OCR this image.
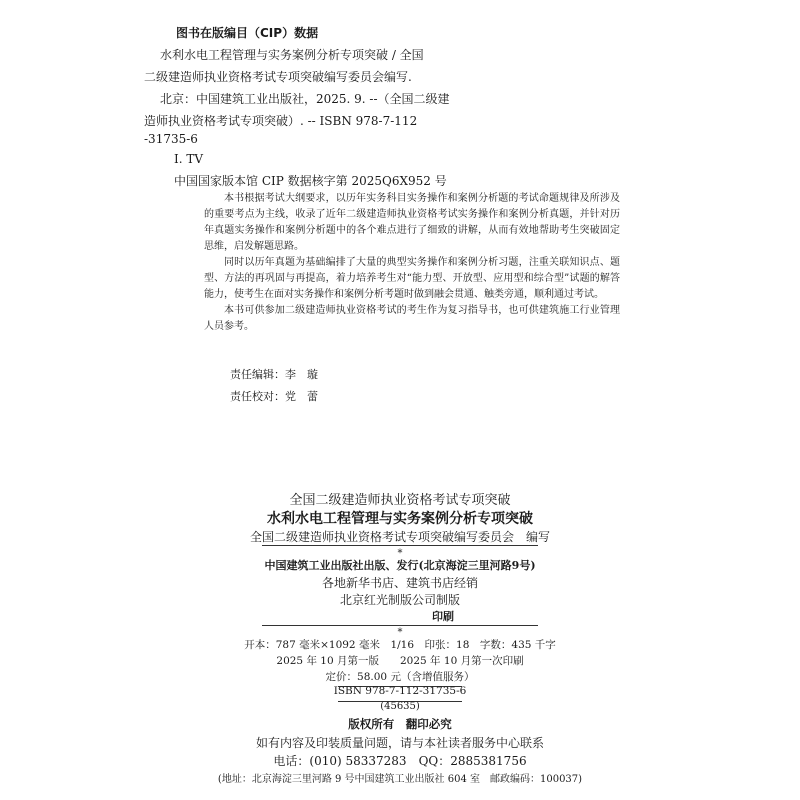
图书在版编目（CIP）数据
水利水电工程管理与实务案例分析专项突破 / 全国
二级建造师执业资格考试专项突破编写委员会编写.
北京：中国建筑工业出版社，2025. 9. --（全国二级建
造师执业资格考试专项突破）. -- ISBN 978-7-112
-31735-6
Ⅰ. TV
中国国家版本馆 CIP 数据核字第 2025Q6X952 号

本书根据考试大纲要求，以历年实务科目实务操作和案例分析题的考试命题规律及所涉及的重要考点为主线，收录了近年二级建造师执业资格考试实务操作和案例分析真题，并针对历年真题实务操作和案例分析题中的各个难点进行了细致的讲解，从而有效地帮助考生突破固定思维，启发解题思路。

同时以历年真题为基础编排了大量的典型实务操作和案例分析习题，注重关联知识点、题型、方法的再巩固与再提高，着力培养考生对“能力型、开放型、应用型和综合型”试题的解答能力，使考生在面对实务操作和案例分析考题时做到融会贯通、触类旁通，顺利通过考试。

本书可供参加二级建造师执业资格考试的考生作为复习指导书，也可供建筑施工行业管理人员参考。

责任编辑：李　璇
责任校对：党　蕾
全国二级建造师执业资格考试专项突破
水利水电工程管理与实务案例分析专项突破
全国二级建造师执业资格考试专项突破编写委员会　编写
*
中国建筑工业出版社出版、发行(北京海淀三里河路9号)
各地新华书店、建筑书店经销
北京红光制版公司制版
印刷
*
开本：787 毫米×1092 毫米　1/16　印张：18　字数：435 千字
2025 年 10 月第一版　　2025 年 10 月第一次印刷
定价：58.00 元（含增值服务）
ISBN 978-7-112-31735-6
(45635)
版权所有　翻印必究
如有内容及印装质量问题，请与本社读者服务中心联系
电话：(010) 58337283　QQ：2885381756
(地址：北京海淀三里河路 9 号中国建筑工业出版社 604 室　邮政编码：100037)
